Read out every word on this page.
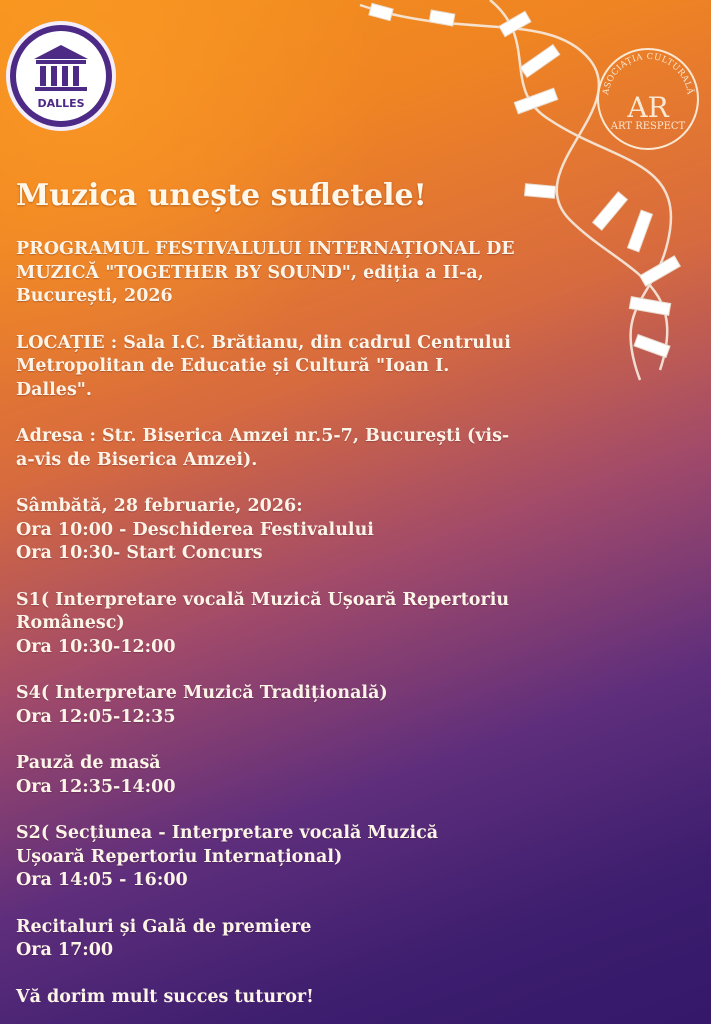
DALLES
ASOCIAȚIA CULTURALĂ
AR
ART RESPECT
Muzica unește sufletele!
PROGRAMUL FESTIVALULUI INTERNAȚIONAL DE
MUZICĂ "TOGETHER BY SOUND", ediția a II-a,
București, 2026
LOCAȚIE : Sala I.C. Brătianu, din cadrul Centrului
Metropolitan de Educatie și Cultură "Ioan I.
Dalles".
Adresa : Str. Biserica Amzei nr.5-7, București (vis-
a-vis de Biserica Amzei).
Sâmbătă, 28 februarie, 2026:
Ora 10:00 - Deschiderea Festivalului
Ora 10:30- Start Concurs
S1( Interpretare vocală Muzică Ușoară Repertoriu
Românesc)
Ora 10:30-12:00
S4( Interpretare Muzică Tradițională)
Ora 12:05-12:35
Pauză de masă
Ora 12:35-14:00
S2( Secțiunea - Interpretare vocală Muzică
Ușoară Repertoriu Internațional)
Ora 14:05 - 16:00
Recitaluri și Gală de premiere
Ora 17:00
Vă dorim mult succes tuturor!
